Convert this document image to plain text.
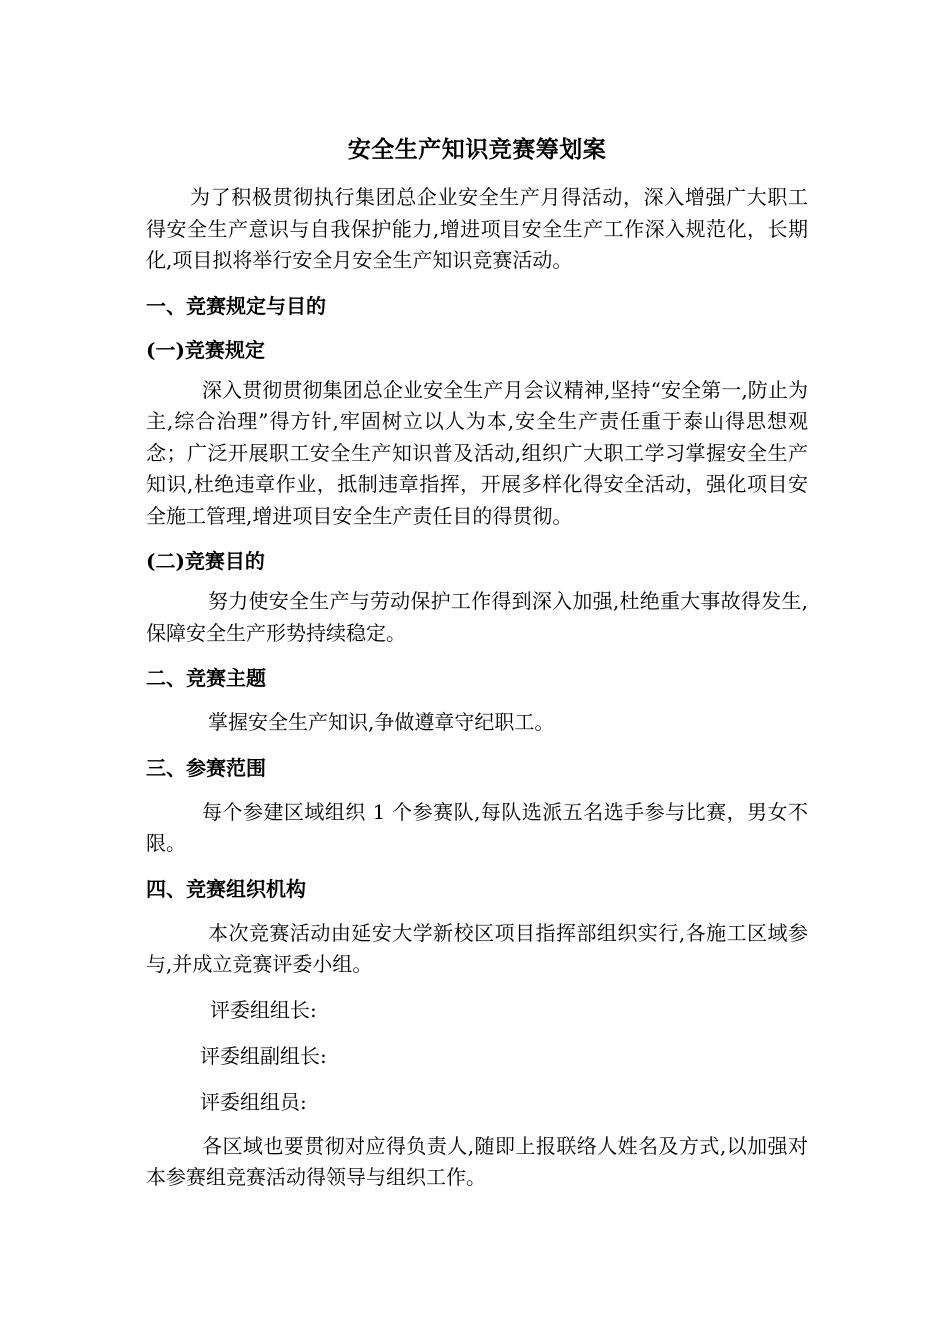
安全生产知识竞赛筹划案

为了积极贯彻执行集团总企业安全生产月得活动，深入增强广大职工得安全生产意识与自我保护能力,增进项目安全生产工作深入规范化，长期化,项目拟将举行安全月安全生产知识竞赛活动。

一、竞赛规定与目的
(一)竞赛规定

深入贯彻贯彻集团总企业安全生产月会议精神,坚持“安全第一,防止为主,综合治理”得方针,牢固树立以人为本,安全生产责任重于泰山得思想观念；广泛开展职工安全生产知识普及活动,组织广大职工学习掌握安全生产知识,杜绝违章作业，抵制违章指挥，开展多样化得安全活动，强化项目安全施工管理,增进项目安全生产责任目的得贯彻。

(二)竞赛目的

努力使安全生产与劳动保护工作得到深入加强,杜绝重大事故得发生,保障安全生产形势持续稳定。

二、竞赛主题

掌握安全生产知识,争做遵章守纪职工。

三、参赛范围

每个参建区域组织 1 个参赛队,每队选派五名选手参与比赛，男女不限。

四、竞赛组织机构

本次竞赛活动由延安大学新校区项目指挥部组织实行,各施工区域参与,并成立竞赛评委小组。

评委组组长:
评委组副组长:
评委组组员:

各区域也要贯彻对应得负责人,随即上报联络人姓名及方式,以加强对本参赛组竞赛活动得领导与组织工作。
